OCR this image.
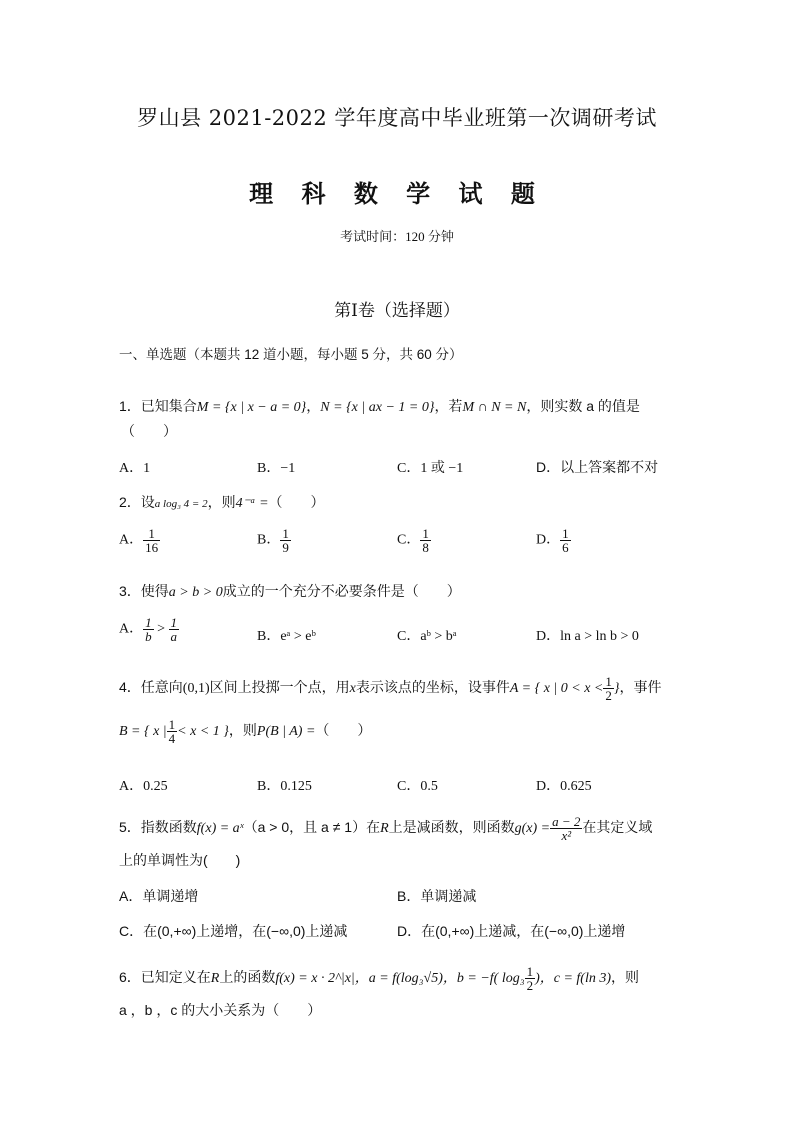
罗山县 2021-2022 学年度高中毕业班第一次调研考试
理 科 数 学 试 题
考试时间：120 分钟
第Ⅰ卷（选择题）
一、单选题（本题共 12 道小题，每小题 5 分，共 60 分）
1．已知集合M = {x | x − a = 0}，N = {x | ax − 1 = 0}，若M ∩ N = N，则实数 a 的值是
（　　）
A．1	B．−1	C．1 或 −1	D．以上答案都不对
2．设a log₃ 4 = 2，则4⁻ᵃ =（　　）
A． $\frac{1}{16}$	B． $\frac{1}{9}$	C． $\frac{1}{8}$	D． $\frac{1}{6}$
3．使得a > b > 0成立的一个充分不必要条件是（　　）
A． $\frac{1}{b} > \frac{1}{a}$	B．eᵃ > eᵇ	C．aᵇ > bᵃ	D．ln a > ln b > 0
4．任意向(0,1)区间上投掷一个点，用x表示该点的坐标，设事件A = { x | $0 < x < \frac{1}{2}$ }，事件
B = { x | $\frac{1}{4} < x < 1$ }，则P(B | A) =（　　）
A．0.25	B．0.125	C．0.5	D．0.625
5．指数函数f(x) = aˣ（a > 0，且 a ≠ 1）在R上是减函数，则函数$g(x) = \frac{a - 2}{\text{x²}}$ 在其定义域
上的单调性为(　　)
A．单调递增	B．单调递减
C．在(0,+∞)上递增，在(−∞,0)上递减	D．在(0,+∞)上递减，在(−∞,0)上递增
6．已知定义在R上的函数f(x) = x · 2^|x|，a = f(log₃√5)，b = −f( $\log_3 \frac{1}{2}$ )，c = f(ln 3)，则
a ，b ，c 的大小关系为（　　）
